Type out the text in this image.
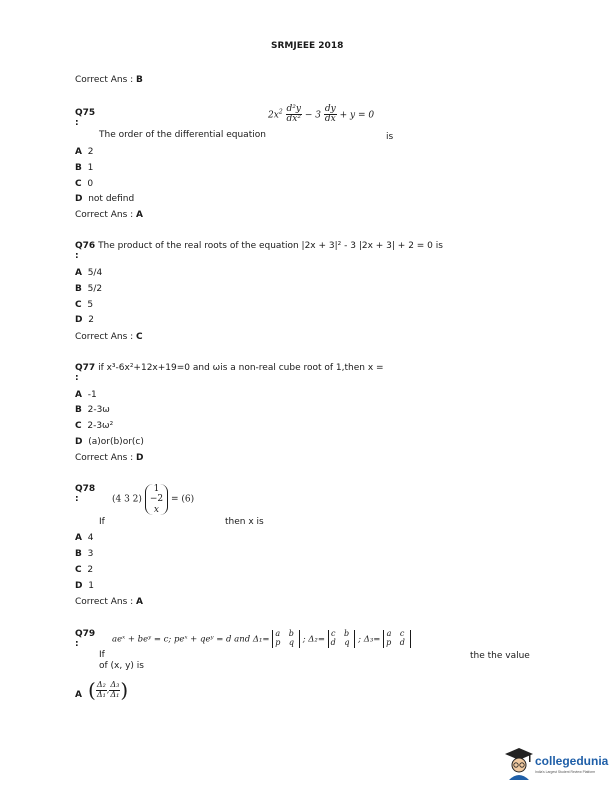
SRMJEEE 2018
Correct Ans : B
Q75
:
The order of the differential equation
$2x^2 \frac{\text{d²y}}{\text{dx²}} - 3 \frac{dy}{dx} + y = 0$
is
A 2
B 1
C 0
D not defind
Correct Ans : A
Q76 The product of the real roots of the equation |2x + 3|² - 3 |2x + 3| + 2 = 0 is
:
A 5/4
B 5/2
C 5
D 2
Correct Ans : C
Q77 if x³-6x²+12x+19=0 and ωis a non-real cube root of 1,then x =
:
A -1
B 2-3ω
C 2-3ω²
D (a)or(b)or(c)
Correct Ans : D
Q78
:
If
(4 3 2)
1
−2
x
= (6)
then x is
A 4
B 3
C 2
D 1
Correct Ans : A
Q79
:
If
aeˣ + beʸ = c; peˣ + qeʸ = d and Δ₁=
a b
p q ; Δ₂=
c b
d q ; Δ₃=
a c
p d
the the value
of (x, y) is
A ( $\frac{\text{Δ₂}}{\text{Δ₁}}$ , $\frac{\text{Δ₃}}{\text{Δ₁}}$ )
collegedunia
India's Largest Student Review Platform
